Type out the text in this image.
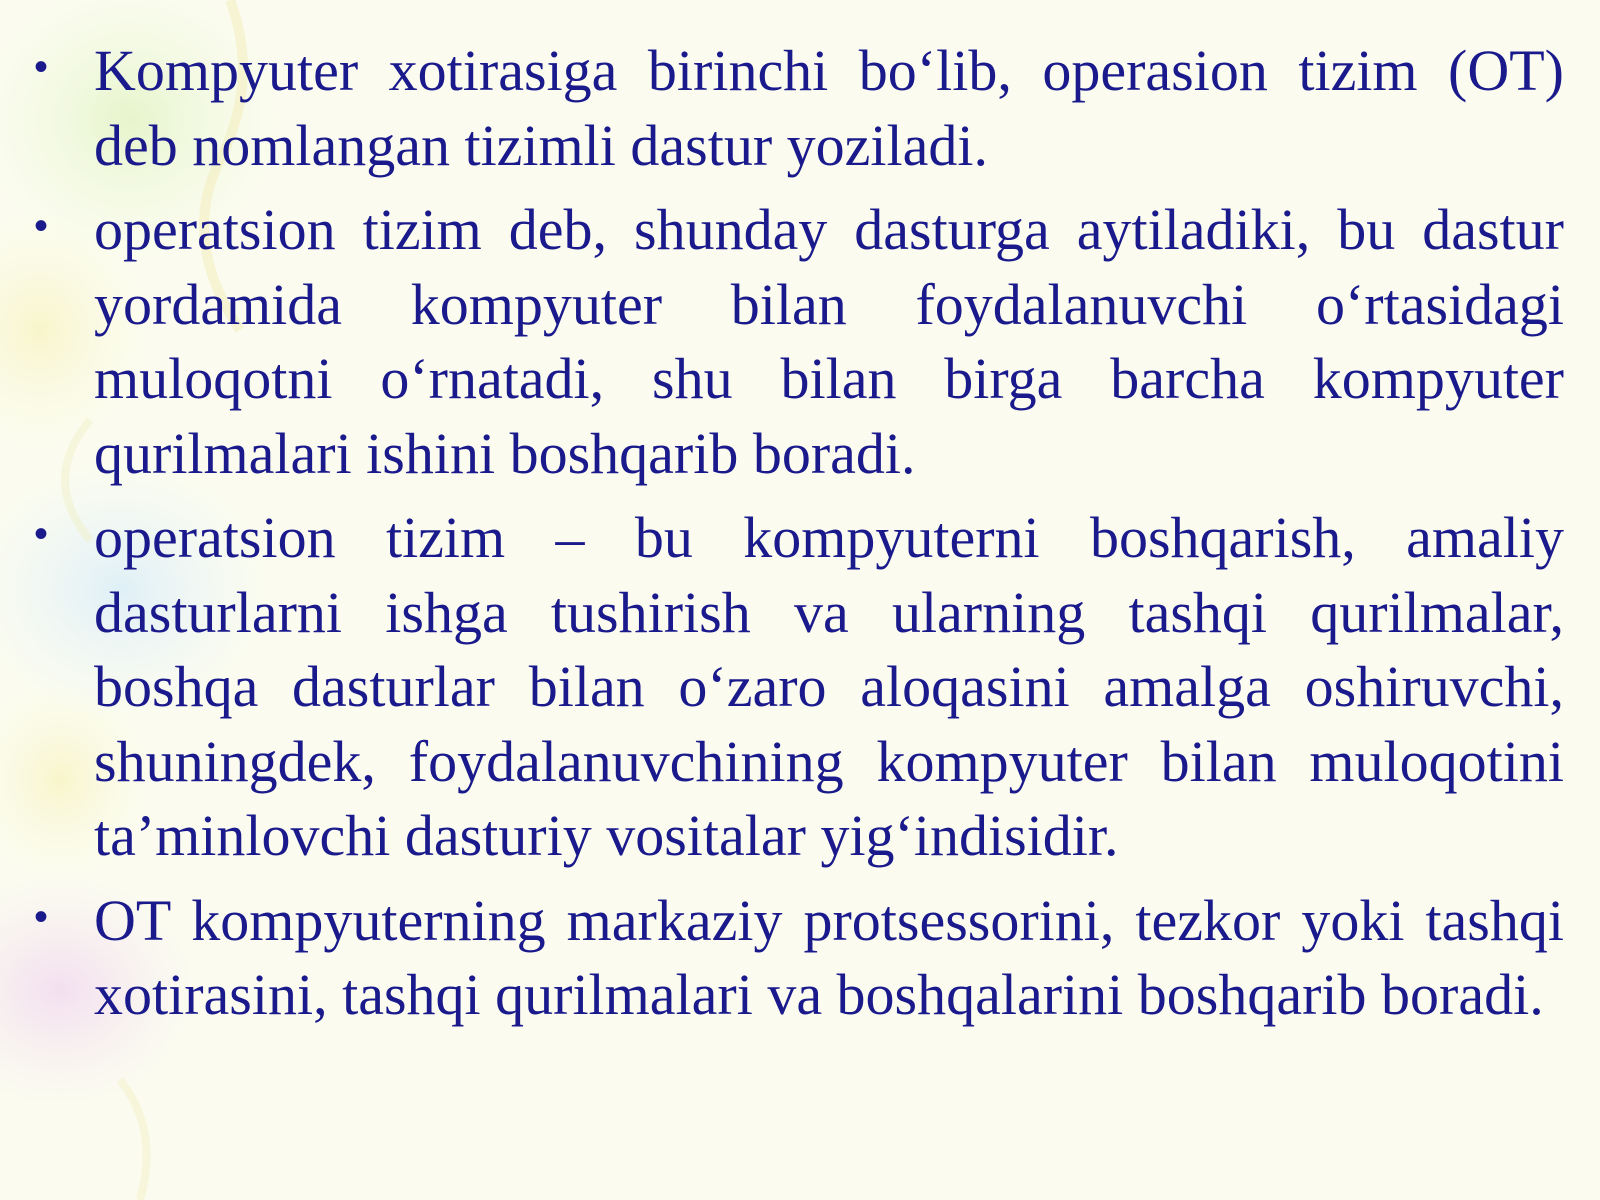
• Kompyuter xotirasiga birinchi bo‘lib, operasion tizim (OT) deb nomlangan tizimli dastur yoziladi.
• operatsion tizim deb, shunday dasturga aytiladiki, bu dastur yordamida kompyuter bilan foydalanuvchi o‘rtasidagi muloqotni o‘rnatadi, shu bilan birga barcha kompyuter qurilmalari ishini boshqarib boradi.
• operatsion tizim – bu kompyuterni boshqarish, amaliy dasturlarni ishga tushirish va ularning tashqi qurilmalar, boshqa dasturlar bilan o‘zaro aloqasini amalga oshiruvchi, shuningdek, foydalanuvchining kompyuter bilan muloqotini ta’minlovchi dasturiy vositalar yig‘indisidir.
• OT kompyuterning markaziy protsessorini, tezkor yoki tashqi xotirasini, tashqi qurilmalari va boshqalarini boshqarib boradi.
